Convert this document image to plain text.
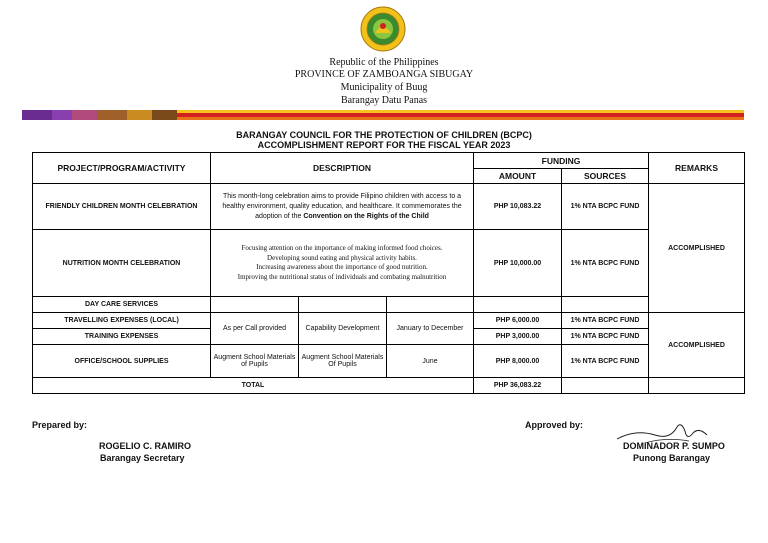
Republic of the Philippines
PROVINCE OF ZAMBOANGA SIBUGAY
Municipality of Buug
Barangay Datu Panas
BARANGAY COUNCIL FOR THE PROTECTION OF CHILDREN (BCPC)
ACCOMPLISHMENT REPORT FOR THE FISCAL YEAR 2023
PROJECT/PROGRAM/ACTIVITY	DESCRIPTION			FUNDING		REMARKS
				AMOUNT	SOURCES	
FRIENDLY CHILDREN MONTH CELEBRATION	This month-long celebration aims to provide Filipino children with access to a healthy environment, quality education, and healthcare. It commemorates the adoption of the Convention on the Rights of the Child			PHP 10,083.22	1% NTA BCPC FUND	ACCOMPLISHED
NUTRITION MONTH CELEBRATION	Focusing attention on the importance of making informed food choices.
Developing sound eating and physical activity habits.
Increasing awareness about the importance of good nutrition.
Improving the nutritional status of individuals and combating malnutrition			PHP 10,000.00	1% NTA BCPC FUND	
DAY CARE SERVICES						
TRAVELLING EXPENSES (LOCAL)	As per Call provided	Capability Development	January to December	PHP 6,000.00	1% NTA BCPC FUND	ACCOMPLISHED
TRAINING EXPENSES				PHP 3,000.00	1% NTA BCPC FUND	
OFFICE/SCHOOL SUPPLIES	Augment School Materials of Pupils	Augment School Materials Of Pupils	June	PHP 8,000.00	1% NTA BCPC FUND	
TOTAL				PHP 36,083.22		
Prepared by:
ROGELIO C. RAMIRO
Barangay Secretary
Approved by:
DOMINADOR P. SUMPO
Punong Barangay
